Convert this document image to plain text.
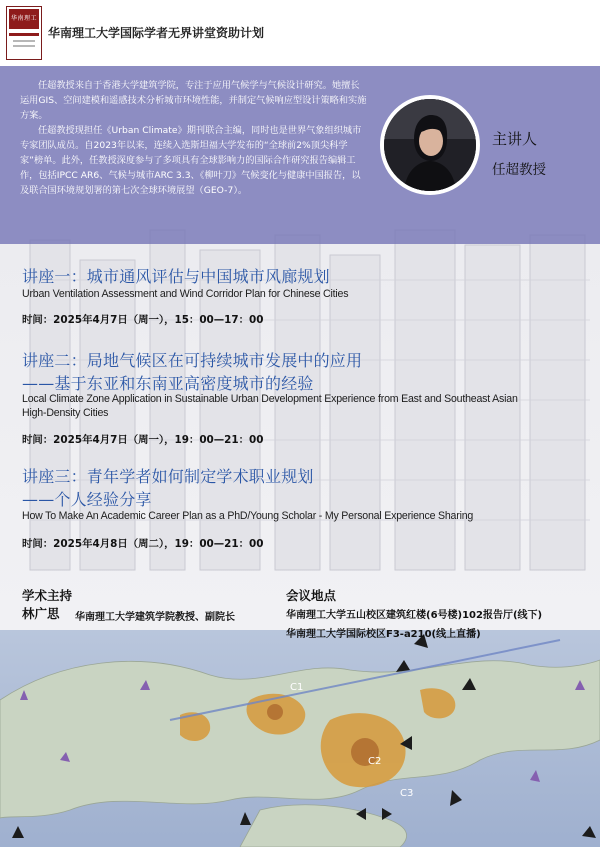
华南理工
华南理工大学国际学者无界讲堂资助计划

任超教授来自于香港大学建筑学院，专注于应用气候学与气候设计研究。她擅长运用GIS、空间建模和遥感技术分析城市环境性能，并制定气候响应型设计策略和实施方案。

任超教授现担任《Urban Climate》期刊联合主编，同时也是世界气象组织城市专家团队成员。自2023年以来，连续入选斯坦福大学发布的“全球前2%顶尖科学家”榜单。此外，任教授深度参与了多项具有全球影响力的国际合作研究报告编辑工作，包括IPCC AR6、气候与城市ARC 3.3、《柳叶刀》气候变化与健康中国报告，以及联合国环境规划署的第七次全球环境展望（GEO-7）。

主讲人
任超教授
讲座一：城市通风评估与中国城市风廊规划
Urban Ventilation Assessment and Wind Corridor Plan for Chinese Cities
时间：2025年4月7日（周一），15：00—17：00
讲座二：局地气候区在可持续城市发展中的应用
——基于东亚和东南亚高密度城市的经验
Local Climate Zone Application in Sustainable Urban Development Experience from East and Southeast Asian High-Density Cities
时间：2025年4月7日（周一），19：00—21：00
讲座三：青年学者如何制定学术职业规划
——个人经验分享
How To Make An Academic Career Plan as a PhD/Young Scholar - My Personal Experience Sharing
时间：2025年4月8日（周二），19：00—21：00
学术主持
林广思 华南理工大学建筑学院教授、副院长
会议地点
华南理工大学五山校区建筑红楼(6号楼)102报告厅(线下)
华南理工大学国际校区F3-a210(线上直播)
C1
C2
C3
